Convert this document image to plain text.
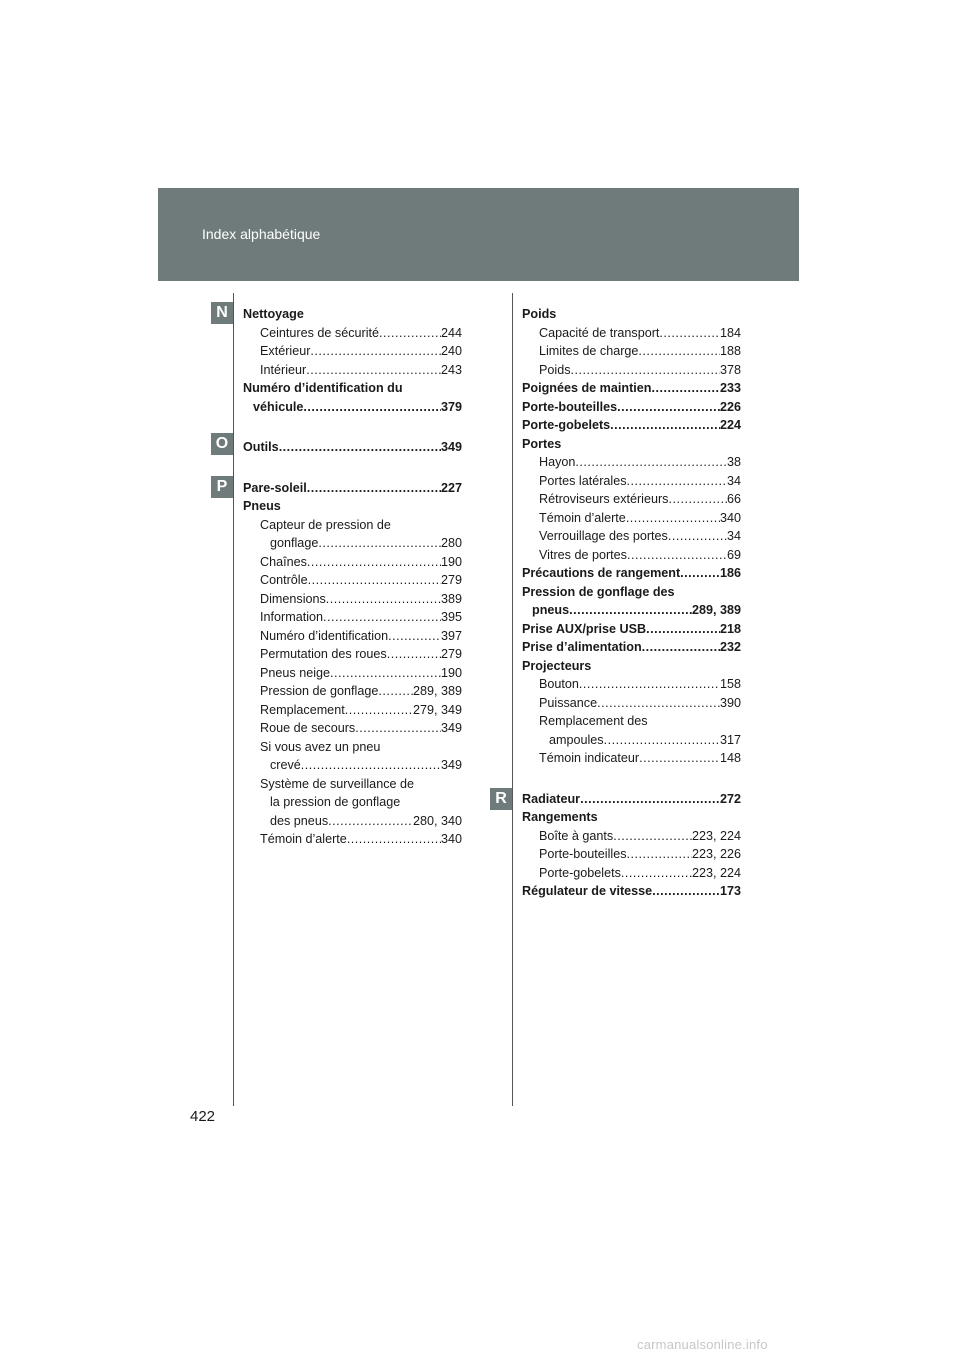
Index alphabétique
N
O
P
R
Nettoyage
Ceintures de sécurité .....	244
Extérieur .....	240
Intérieur .....	243
Numéro d’identification du
véhicule .....	379
Outils .....	349
Pare-soleil .....	227
Pneus
Capteur de pression de
gonflage .....	280
Chaînes .....	190
Contrôle .....	279
Dimensions .....	389
Information .....	395
Numéro d’identification .....	397
Permutation des roues .....	279
Pneus neige .....	190
Pression de gonflage .....	289, 389
Remplacement .....	279, 349
Roue de secours .....	349
Si vous avez un pneu
crevé .....	349
Système de surveillance de
la pression de gonflage
des pneus .....	280, 340
Témoin d’alerte .....	340
Poids
Capacité de transport .....	184
Limites de charge .....	188
Poids .....	378
Poignées de maintien .....	233
Porte-bouteilles .....	226
Porte-gobelets .....	224
Portes
Hayon .....	38
Portes latérales .....	34
Rétroviseurs extérieurs .....	66
Témoin d’alerte .....	340
Verrouillage des portes .....	34
Vitres de portes .....	69
Précautions de rangement .....	186
Pression de gonflage des
pneus .....	289, 389
Prise AUX/prise USB .....	218
Prise d’alimentation .....	232
Projecteurs
Bouton .....	158
Puissance .....	390
Remplacement des
ampoules .....	317
Témoin indicateur .....	148
Radiateur .....	272
Rangements
Boîte à gants .....	223, 224
Porte-bouteilles .....	223, 226
Porte-gobelets .....	223, 224
Régulateur de vitesse .....	173
422
carmanualsonline.info
